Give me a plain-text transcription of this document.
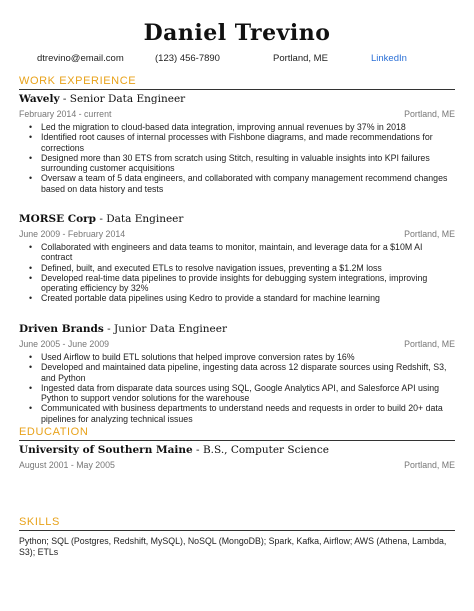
Daniel Trevino
dtrevino@email.com	(123) 456-7890	Portland, ME	LinkedIn
WORK EXPERIENCE
Wavely - Senior Data Engineer
February 2014 - current	Portland, ME
• Led the migration to cloud-based data integration, improving annual revenues by 37% in 2018
• Identified root causes of internal processes with Fishbone diagrams, and made recommendations for corrections
• Designed more than 30 ETS from scratch using Stitch, resulting in valuable insights into KPI failures surrounding customer acquisitions
• Oversaw a team of 5 data engineers, and collaborated with company management recommend changes based on data history and tests
MORSE Corp - Data Engineer
June 2009 - February 2014	Portland, ME
• Collaborated with engineers and data teams to monitor, maintain, and leverage data for a $10M AI contract
• Defined, built, and executed ETLs to resolve navigation issues, preventing a $1.2M loss
• Developed real-time data pipelines to provide insights for debugging system integrations, improving operating efficiency by 32%
• Created portable data pipelines using Kedro to provide a standard for machine learning
Driven Brands - Junior Data Engineer
June 2005 - June 2009	Portland, ME
• Used Airflow to build ETL solutions that helped improve conversion rates by 16%
• Developed and maintained data pipeline, ingesting data across 12 disparate sources using Redshift, S3, and Python
• Ingested data from disparate data sources using SQL, Google Analytics API, and Salesforce API using Python to support vendor solutions for the warehouse
• Communicated with business departments to understand needs and requests in order to build 20+ data pipelines for analyzing technical issues
EDUCATION
University of Southern Maine - B.S., Computer Science
August 2001 - May 2005	Portland, ME
SKILLS
Python; SQL (Postgres, Redshift, MySQL), NoSQL (MongoDB); Spark, Kafka, Airflow; AWS (Athena, Lambda, S3); ETLs
